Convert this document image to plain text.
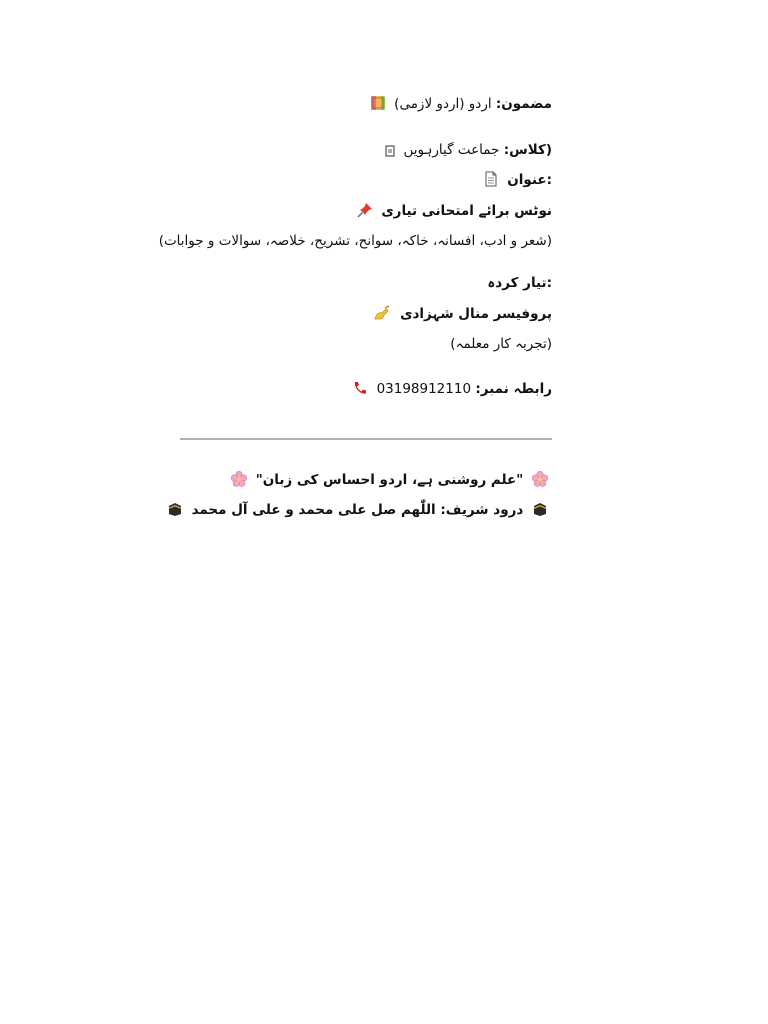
مضمون: اردو (اردو لازمی)
(کلاس: جماعت گیارہویں
:عنوان
نوٹس برائے امتحانی تیاری
(شعر و ادب، افسانہ، خاکہ، سوانح، تشریح، خلاصہ، سوالات و جوابات)
:تیار کردہ
پروفیسر منال شہزادی
(تجربہ کار معلمہ)
رابطہ نمبر: 03198912110
"علم روشنی ہے، اردو احساس کی زبان"
درود شریف: اللّٰھم صل علی محمد و علی آل محمد
